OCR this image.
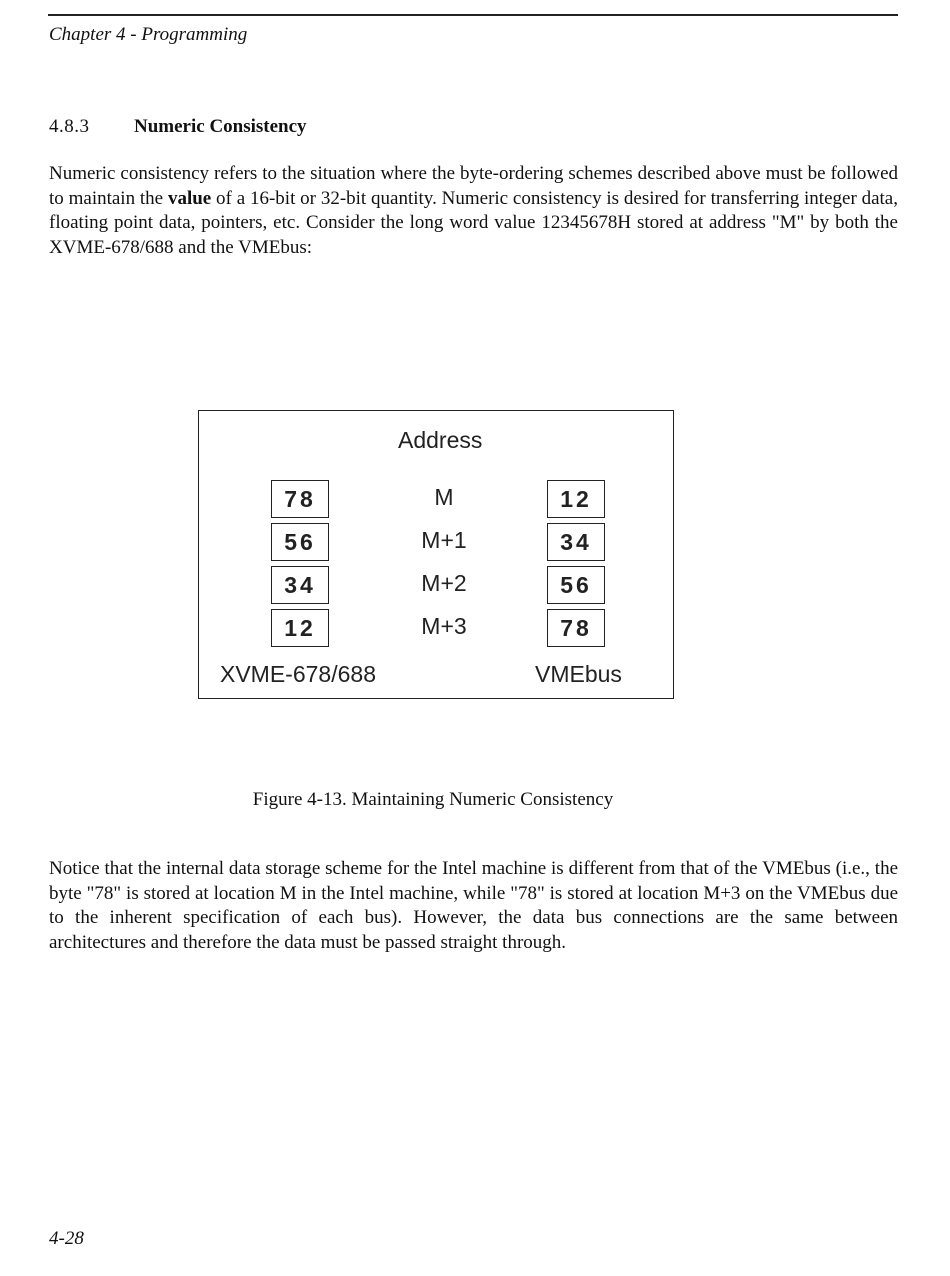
Chapter 4 - Programming
4.8.3 Numeric Consistency
Numeric consistency refers to the situation where the byte-ordering schemes described above must be followed to maintain the value of a 16-bit or 32-bit quantity. Numeric consistency is desired for transferring integer data, floating point data, pointers, etc. Consider the long word value 12345678H stored at address "M" by both the XVME-678/688 and the VMEbus:
Address
78
56
34
12
M
M+1
M+2
M+3
12
34
56
78
XVME-678/688	VMEbus
Figure 4-13. Maintaining Numeric Consistency
Notice that the internal data storage scheme for the Intel machine is different from that of the VMEbus (i.e., the byte "78" is stored at location M in the Intel machine, while "78" is stored at location M+3 on the VMEbus due to the inherent specification of each bus). However, the data bus connections are the same between architectures and therefore the data must be passed straight through.
4-28
